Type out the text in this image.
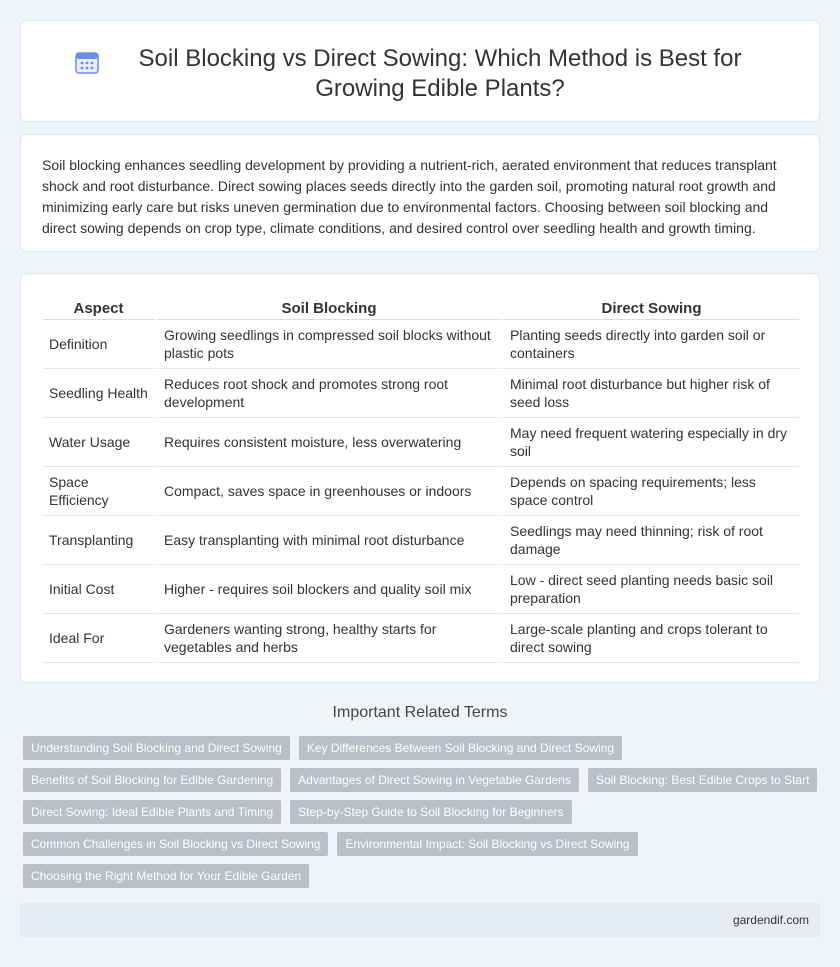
Soil Blocking vs Direct Sowing: Which Method is Best for Growing Edible Plants?

Soil blocking enhances seedling development by providing a nutrient-rich, aerated environment that reduces transplant shock and root disturbance. Direct sowing places seeds directly into the garden soil, promoting natural root growth and minimizing early care but risks uneven germination due to environmental factors. Choosing between soil blocking and direct sowing depends on crop type, climate conditions, and desired control over seedling health and growth timing.

Aspect	Soil Blocking	Direct Sowing
Definition	Growing seedlings in compressed soil blocks without plastic pots	Planting seeds directly into garden soil or containers
Seedling Health	Reduces root shock and promotes strong root development	Minimal root disturbance but higher risk of seed loss
Water Usage	Requires consistent moisture, less overwatering	May need frequent watering especially in dry soil
Space Efficiency	Compact, saves space in greenhouses or indoors	Depends on spacing requirements; less space control
Transplanting	Easy transplanting with minimal root disturbance	Seedlings may need thinning; risk of root damage
Initial Cost	Higher - requires soil blockers and quality soil mix	Low - direct seed planting needs basic soil preparation
Ideal For	Gardeners wanting strong, healthy starts for vegetables and herbs	Large-scale planting and crops tolerant to direct sowing
Important Related Terms
Understanding Soil Blocking and Direct Sowing	Key Differences Between Soil Blocking and Direct Sowing
Benefits of Soil Blocking for Edible Gardening	Advantages of Direct Sowing in Vegetable Gardens	Soil Blocking: Best Edible Crops to Start
Direct Sowing: Ideal Edible Plants and Timing	Step-by-Step Guide to Soil Blocking for Beginners
Common Challenges in Soil Blocking vs Direct Sowing	Environmental Impact: Soil Blocking vs Direct Sowing
Choosing the Right Method for Your Edible Garden
gardendif.com
